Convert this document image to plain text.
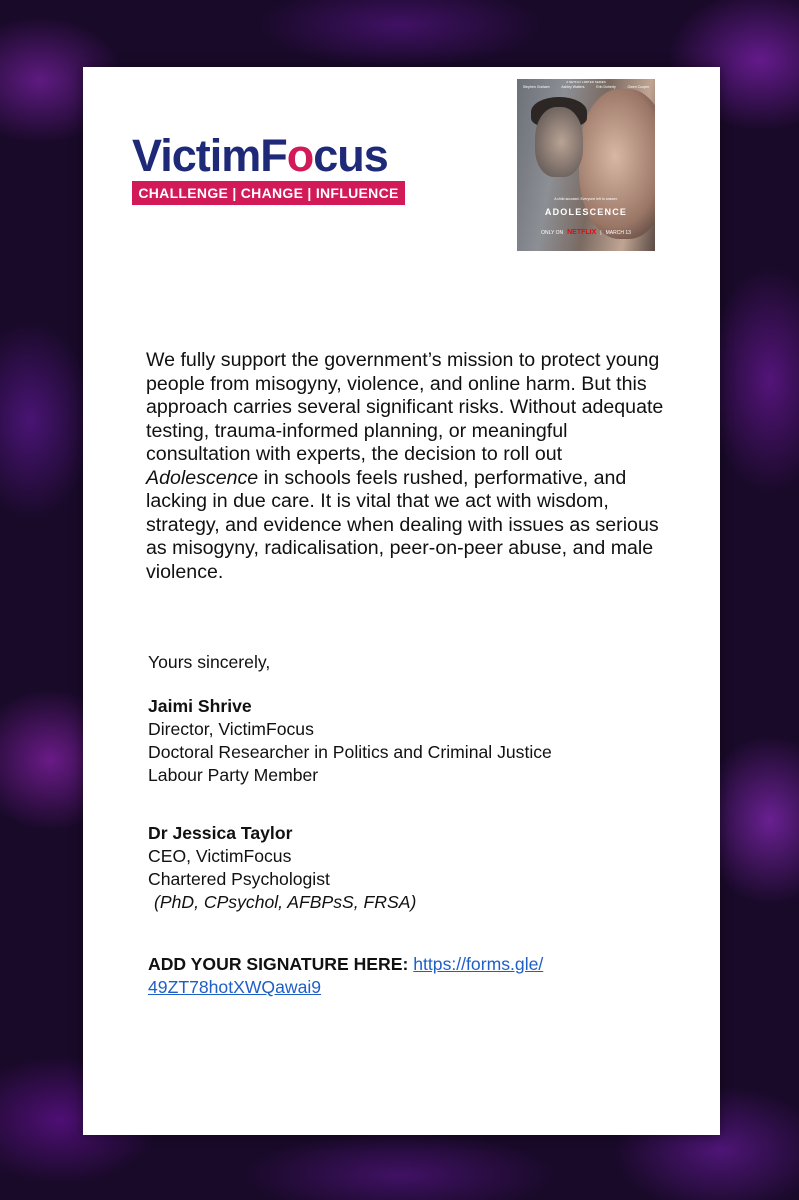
VictimFocus
CHALLENGE | CHANGE | INFLUENCE
A NETFLIX LIMITED SERIES
Stephen Graham	Ashley Walters	Erin Doherty	Owen Cooper
A child accused. Everyone left to answer.
ADOLESCENCE
ONLY ON NETFLIX | MARCH 13

We fully support the government’s mission to protect young people from misogyny, violence, and online harm. But this approach carries several significant risks. Without adequate testing, trauma-informed planning, or meaningful consultation with experts, the decision to roll out Adolescence in schools feels rushed, performative, and lacking in due care. It is vital that we act with wisdom, strategy, and evidence when dealing with issues as serious as misogyny, radicalisation, peer-on-peer abuse, and male violence.

Yours sincerely,
Jaimi Shrive
Director, VictimFocus
Doctoral Researcher in Politics and Criminal Justice
Labour Party Member
Dr Jessica Taylor
CEO, VictimFocus
Chartered Psychologist
(PhD, CPsychol, AFBPsS, FRSA)
ADD YOUR SIGNATURE HERE: https://forms.gle/
49ZT78hotXWQawai9
